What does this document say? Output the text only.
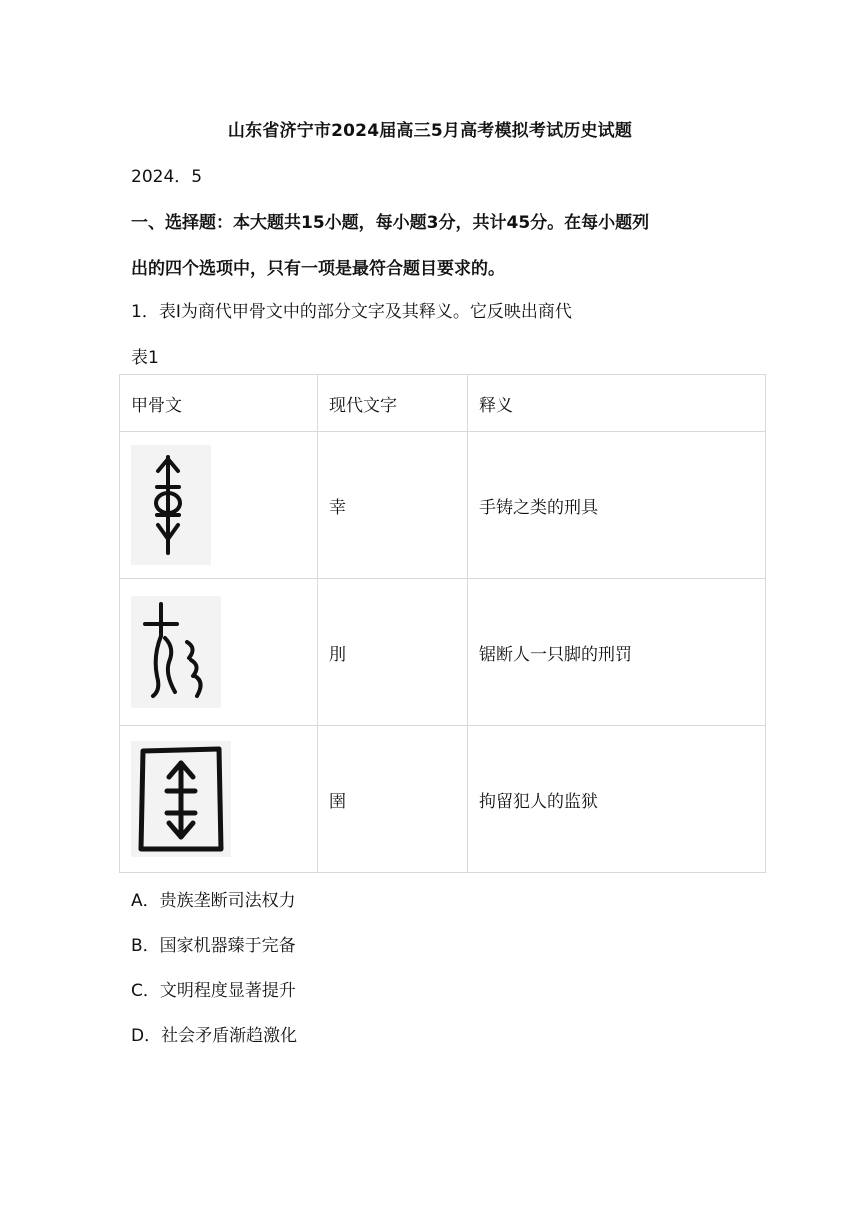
山东省济宁市2024届高三5月高考模拟考试历史试题
2024．5
一、选择题：本大题共15小题，每小题3分，共计45分。在每小题列
出的四个选项中，只有一项是最符合题目要求的。
1．表Ⅰ为商代甲骨文中的部分文字及其释义。它反映出商代
表1
甲骨文	现代文字	释义

	幸	手铸之类的刑具

	刖	锯断人一只脚的刑罚

	圉	拘留犯人的监狱
A．贵族垄断司法权力
B．国家机器臻于完备
C．文明程度显著提升
D．社会矛盾渐趋激化
